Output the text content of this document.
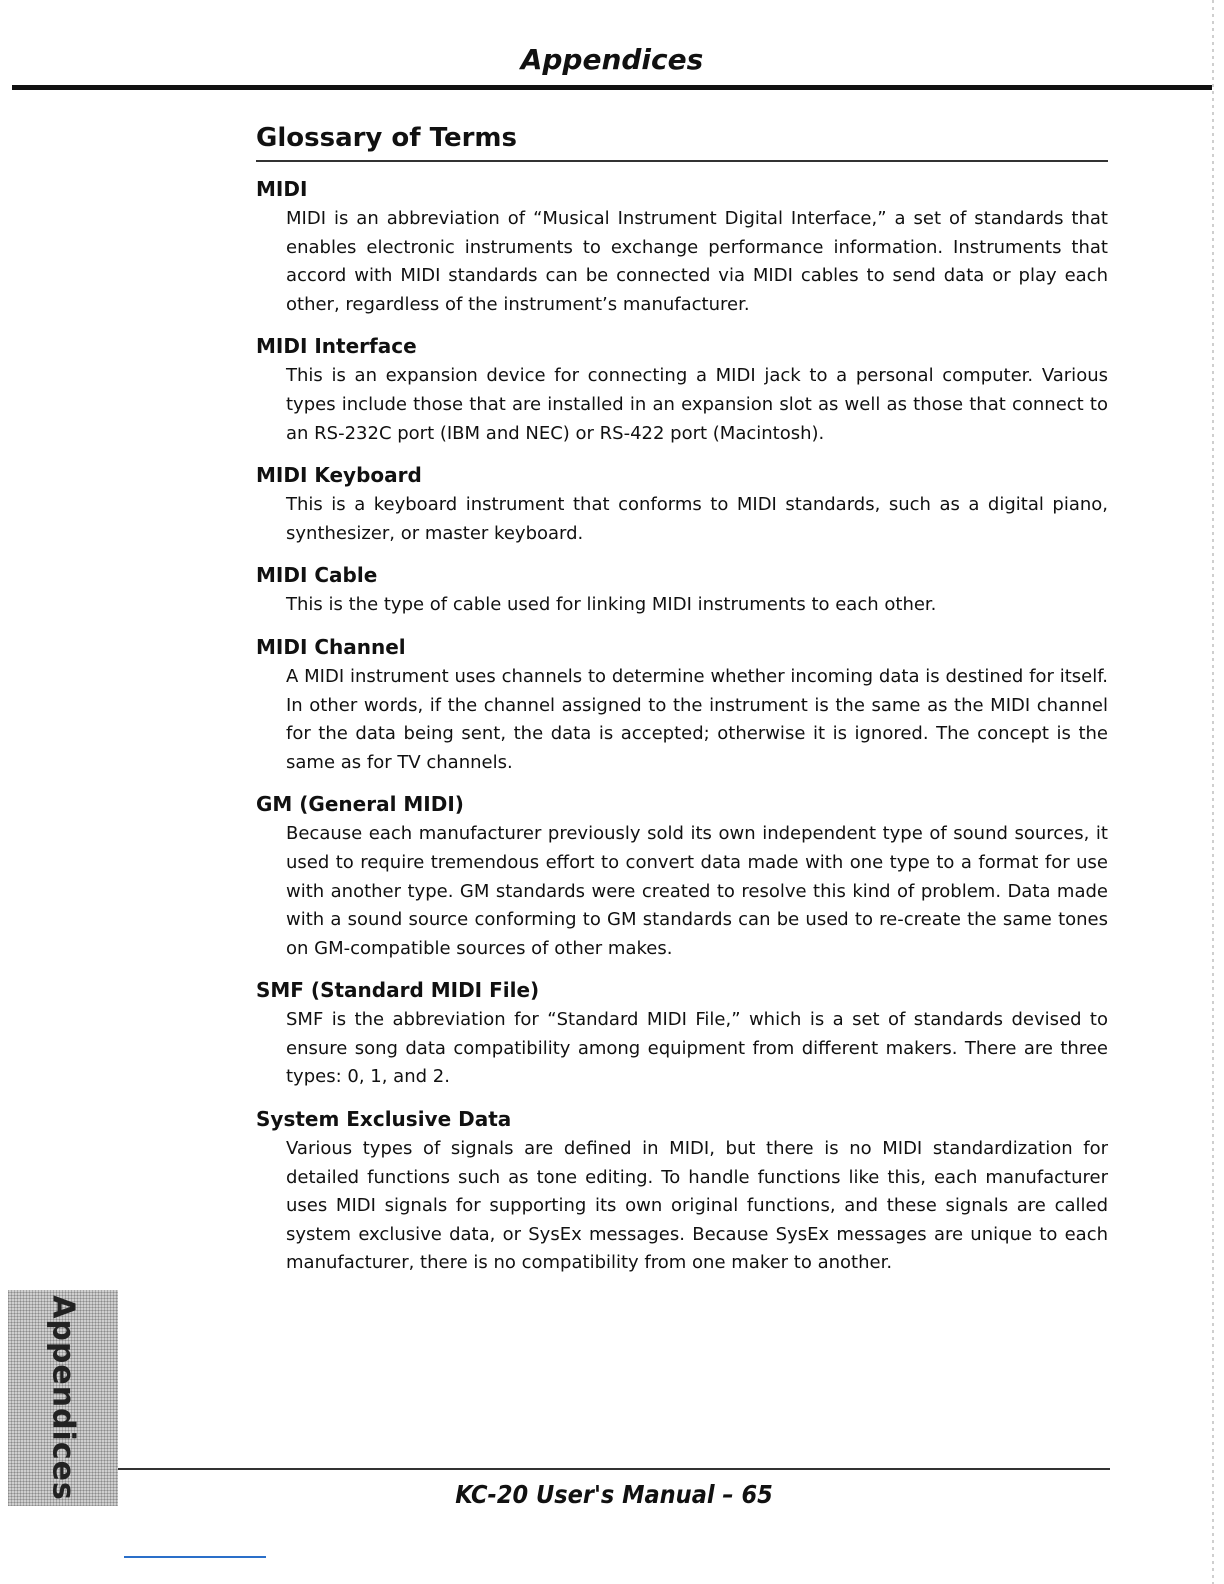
Appendices
Glossary of Terms
MIDI

MIDI is an abbreviation of “Musical Instrument Digital Interface,” a set of standards that enables electronic instruments to exchange performance information. Instruments that accord with MIDI standards can be connected via MIDI cables to send data or play each other, regardless of the instrument’s manufacturer.

MIDI Interface

This is an expansion device for connecting a MIDI jack to a personal computer. Various types include those that are installed in an expansion slot as well as those that connect to an RS-232C port (IBM and NEC) or RS-422 port (Macintosh).

MIDI Keyboard

This is a keyboard instrument that conforms to MIDI standards, such as a digital piano, synthesizer, or master keyboard.

MIDI Cable

This is the type of cable used for linking MIDI instruments to each other.

MIDI Channel

A MIDI instrument uses channels to determine whether incoming data is destined for itself. In other words, if the channel assigned to the instrument is the same as the MIDI channel for the data being sent, the data is accepted; otherwise it is ignored. The concept is the same as for TV channels.

GM (General MIDI)

Because each manufacturer previously sold its own independent type of sound sources, it used to require tremendous effort to convert data made with one type to a format for use with another type. GM standards were created to resolve this kind of problem. Data made with a sound source conforming to GM standards can be used to re-create the same tones on GM-compatible sources of other makes.

SMF (Standard MIDI File)

SMF is the abbreviation for “Standard MIDI File,” which is a set of standards devised to ensure song data compatibility among equipment from different makers. There are three types: 0, 1, and 2.

System Exclusive Data

Various types of signals are defined in MIDI, but there is no MIDI standardization for detailed functions such as tone editing. To handle functions like this, each manufacturer uses MIDI signals for supporting its own original functions, and these signals are called system exclusive data, or SysEx messages. Because SysEx messages are unique to each manufacturer, there is no compatibility from one maker to another.

Appendices	KC-20 User's Manual – 65
